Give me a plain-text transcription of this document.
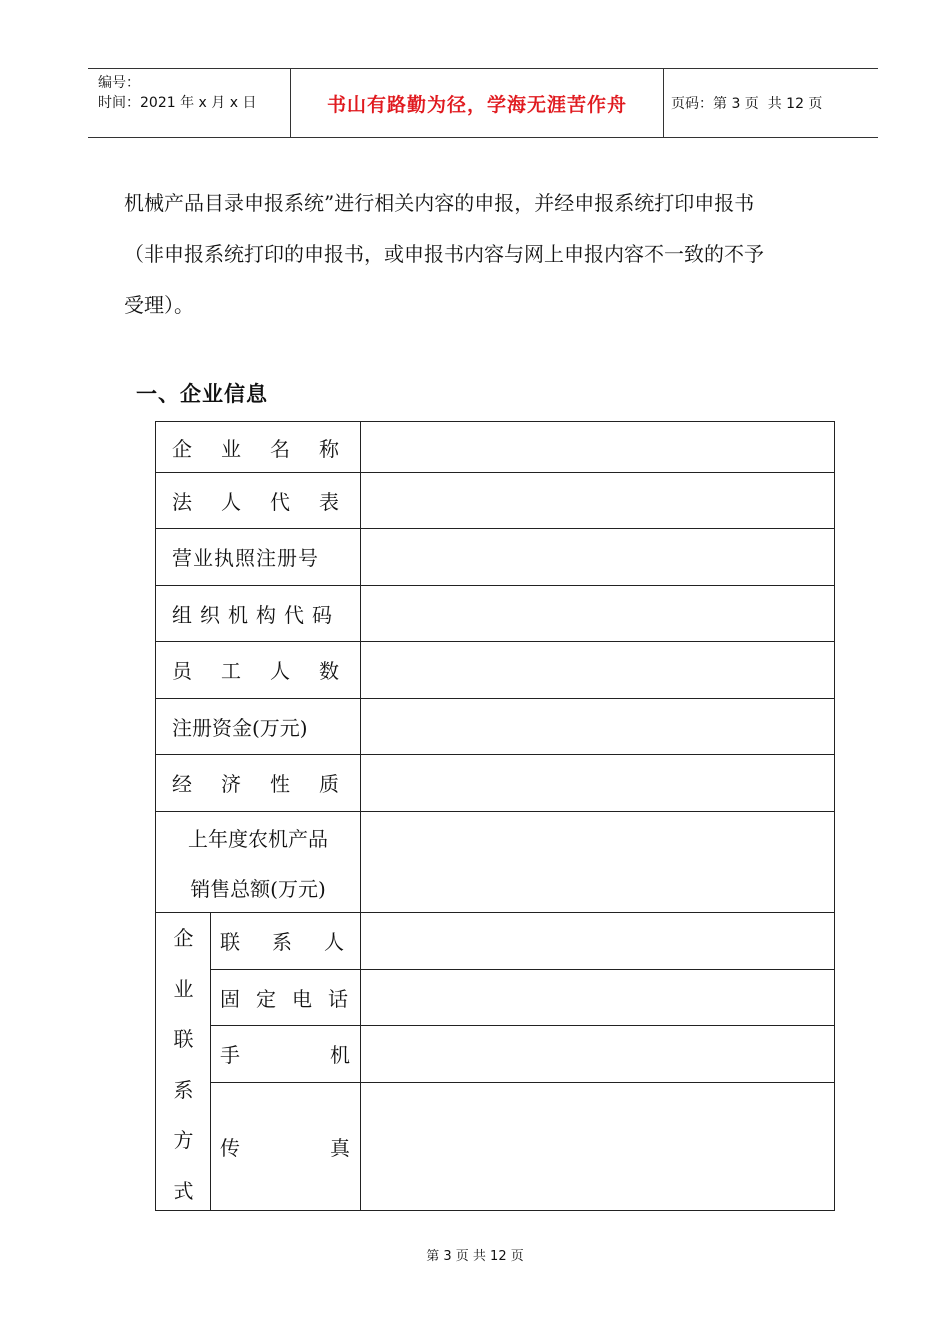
编号：
时间：2021 年 x 月 x 日	书山有路勤为径，学海无涯苦作舟	页码：第 3 页  共 12 页
机械产品目录申报系统”进行相关内容的申报，并经申报系统打印申报书
（非申报系统打印的申报书，或申报书内容与网上申报内容不一致的不予
受理）。
一、企业信息
企业名称
法人代表
营业执照注册号
组织机构代码
员工人数
注册资金(万元)
经济性质
上年度农机产品
销售总额(万元)
企
业
联
系
方
式
联系人
固定电话
手机
传真
第 3 页 共 12 页
